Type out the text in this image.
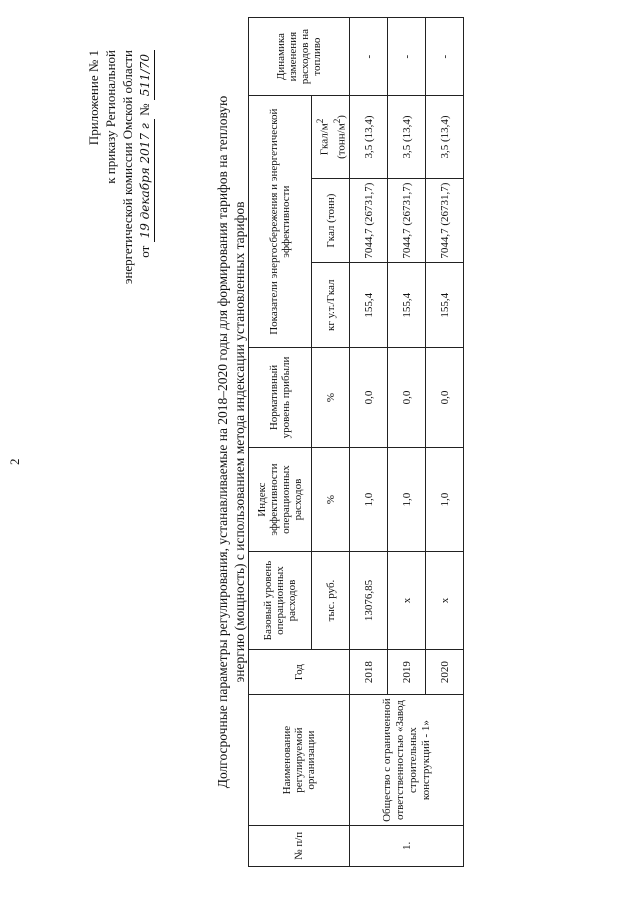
2
Приложение № 1 к приказу Региональной энергетической комиссии Омской области от 19 декабря 2017 г № 511/70
Долгосрочные параметры регулирования, устанавливаемые на 2018–2020 годы для формирования тарифов на тепловую энергию (мощность) с использованием метода индексации установленных тарифов
№ п/п	Наименование регулируемой организации	Год	Базовый уровень операционных расходов	Индекс эффективности операционных расходов	Нормативный уровень прибыли	Показатели энергосбережения и энергетической эффективности			Динамика изменения расходов на топливо
			тыс. руб.	%	%	кг у.т./Гкал	Гкал (тонн)	Гкал/$м^2$
$(тонн/м^2)$	
1.	Общество с ограниченной ответственностью «Завод строительных конструкций - 1»	2018	13076,85	1,0	0,0	155,4	7044,7 (26731,7)	3,5 (13,4)	-
		2019	x	1,0	0,0	155,4	7044,7 (26731,7)	3,5 (13,4)	-
		2020	x	1,0	0,0	155,4	7044,7 (26731,7)	3,5 (13,4)	-
